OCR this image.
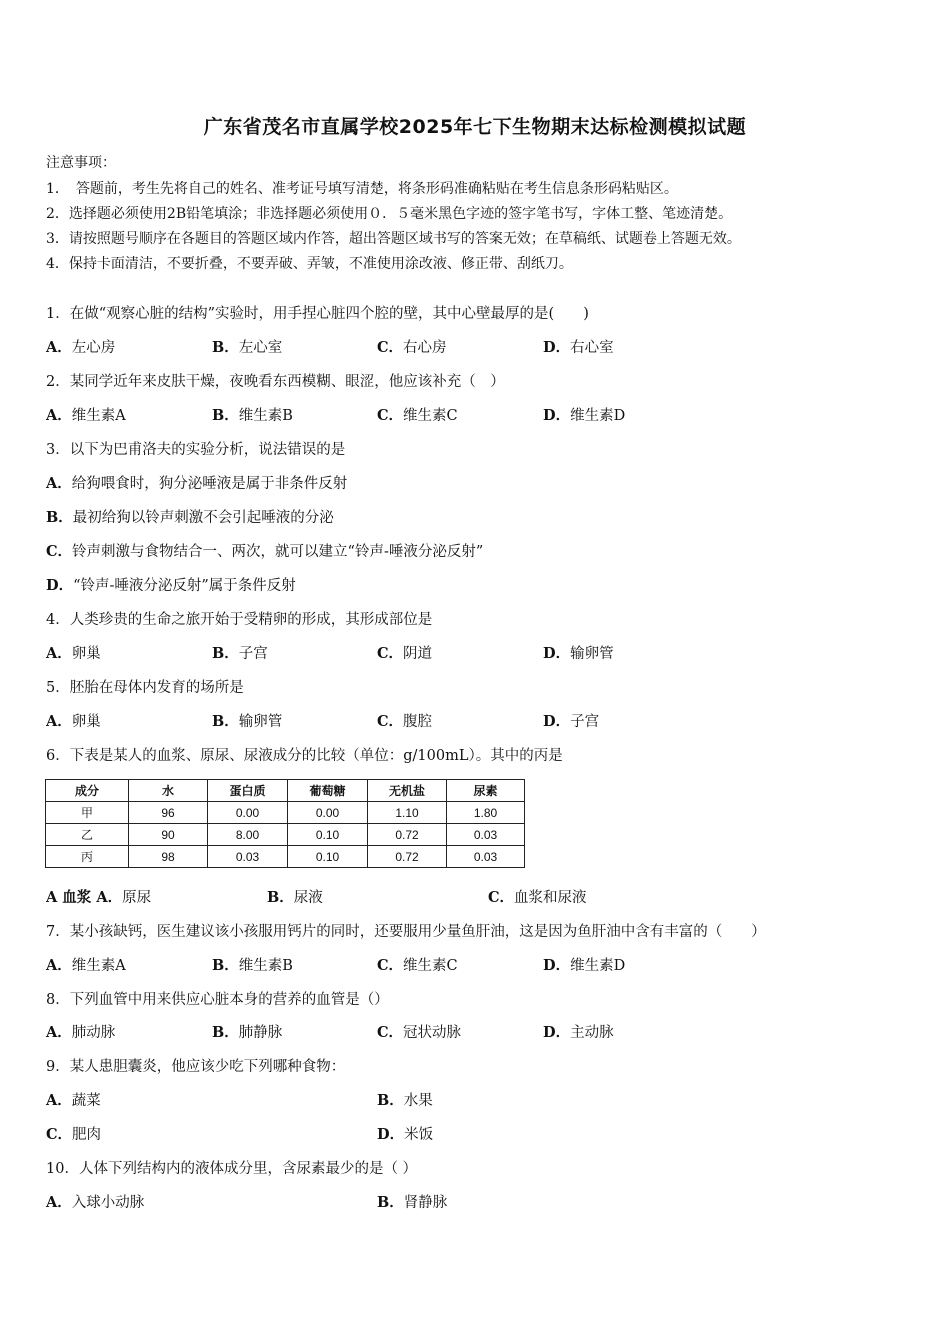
广东省茂名市直属学校2025年七下生物期末达标检测模拟试题
注意事项：
1．　答题前，考生先将自己的姓名、准考证号填写清楚，将条形码准确粘贴在考生信息条形码粘贴区。
2．选择题必须使用2B铅笔填涂；非选择题必须使用０．５毫米黑色字迹的签字笔书写，字体工整、笔迹清楚。
3．请按照题号顺序在各题目的答题区域内作答，超出答题区域书写的答案无效；在草稿纸、试题卷上答题无效。
4．保持卡面清洁，不要折叠，不要弄破、弄皱，不准使用涂改液、修正带、刮纸刀。
1．在做“观察心脏的结构”实验时，用手捏心脏四个腔的壁，其中心壁最厚的是(　　)
A．左心房	B．左心室	C．右心房	D．右心室
2．某同学近年来皮肤干燥，夜晚看东西模糊、眼涩，他应该补充（　）
A．维生素A	B．维生素B	C．维生素C	D．维生素D
3．以下为巴甫洛夫的实验分析，说法错误的是
A．给狗喂食时，狗分泌唾液是属于非条件反射
B．最初给狗以铃声刺激不会引起唾液的分泌
C．铃声刺激与食物结合一、两次，就可以建立“铃声-唾液分泌反射”
D．“铃声-唾液分泌反射”属于条件反射
4．人类珍贵的生命之旅开始于受精卵的形成，其形成部位是
A．卵巢	B．子宫	C．阴道	D．输卵管
5．胚胎在母体内发育的场所是
A．卵巢	B．输卵管	C．腹腔	D．子宫
6．下表是某人的血浆、原尿、尿液成分的比较（单位：g/100mL）。其中的丙是
成分	水	蛋白质	葡萄糖	无机盐	尿素
甲	96	0.00	0.00	1.10	1.80
乙	90	8.00	0.10	0.72	0.03
丙	98	0.03	0.10	0.72	0.03
A 血浆 A．原尿	B．尿液	C．血浆和尿液
7．某小孩缺钙，医生建议该小孩服用钙片的同时，还要服用少量鱼肝油，这是因为鱼肝油中含有丰富的（　　）
A．维生素A	B．维生素B	C．维生素C	D．维生素D
8．下列血管中用来供应心脏本身的营养的血管是（）
A．肺动脉	B．肺静脉	C．冠状动脉	D．主动脉
9．某人患胆囊炎，他应该少吃下列哪种食物：
A．蔬菜	B．水果
C．肥肉	D．米饭
10．人体下列结构内的液体成分里，含尿素最少的是（ ）
A．入球小动脉	B．肾静脉
